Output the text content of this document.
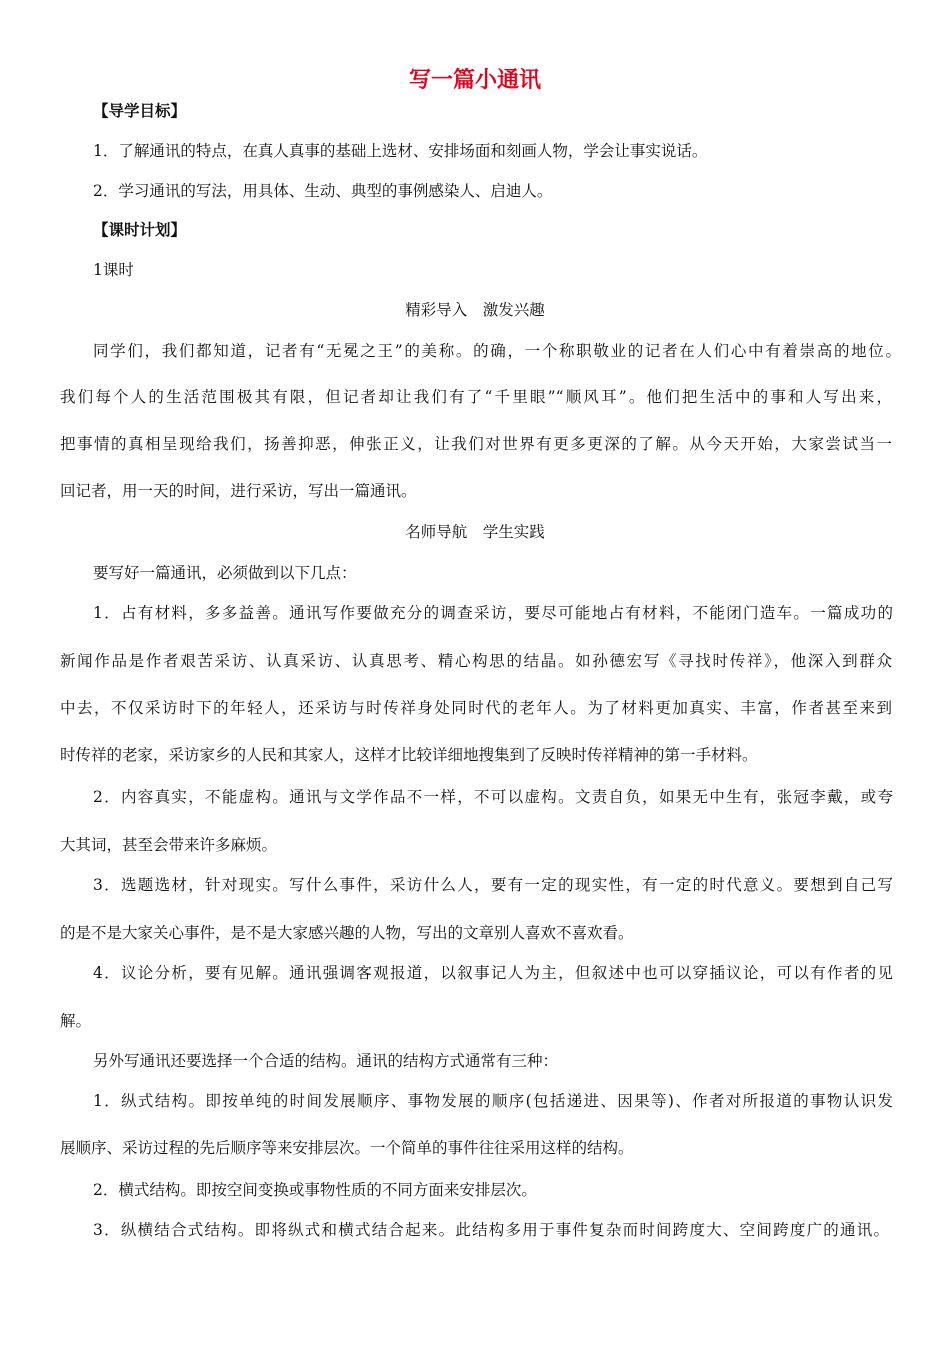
写一篇小通讯
【导学目标】
1．了解通讯的特点，在真人真事的基础上选材、安排场面和刻画人物，学会让事实说话。
2．学习通讯的写法，用具体、生动、典型的事例感染人、启迪人。
【课时计划】
1课时
精彩导入　激发兴趣
同学们，我们都知道，记者有“无冕之王”的美称。的确，一个称职敬业的记者在人们心中有着崇高的地位。
我们每个人的生活范围极其有限，但记者却让我们有了“千里眼”“顺风耳”。他们把生活中的事和人写出来，
把事情的真相呈现给我们，扬善抑恶，伸张正义，让我们对世界有更多更深的了解。从今天开始，大家尝试当一
回记者，用一天的时间，进行采访，写出一篇通讯。
名师导航　学生实践
要写好一篇通讯，必须做到以下几点：
1．占有材料，多多益善。通讯写作要做充分的调查采访，要尽可能地占有材料，不能闭门造车。一篇成功的
新闻作品是作者艰苦采访、认真采访、认真思考、精心构思的结晶。如孙德宏写《寻找时传祥》，他深入到群众
中去，不仅采访时下的年轻人，还采访与时传祥身处同时代的老年人。为了材料更加真实、丰富，作者甚至来到
时传祥的老家，采访家乡的人民和其家人，这样才比较详细地搜集到了反映时传祥精神的第一手材料。
2．内容真实，不能虚构。通讯与文学作品不一样，不可以虚构。文责自负，如果无中生有，张冠李戴，或夸
大其词，甚至会带来许多麻烦。
3．选题选材，针对现实。写什么事件，采访什么人，要有一定的现实性，有一定的时代意义。要想到自己写
的是不是大家关心事件，是不是大家感兴趣的人物，写出的文章别人喜欢不喜欢看。
4．议论分析，要有见解。通讯强调客观报道，以叙事记人为主，但叙述中也可以穿插议论，可以有作者的见
解。
另外写通讯还要选择一个合适的结构。通讯的结构方式通常有三种：
1．纵式结构。即按单纯的时间发展顺序、事物发展的顺序(包括递进、因果等)、作者对所报道的事物认识发
展顺序、采访过程的先后顺序等来安排层次。一个简单的事件往往采用这样的结构。
2．横式结构。即按空间变换或事物性质的不同方面来安排层次。
3．纵横结合式结构。即将纵式和横式结合起来。此结构多用于事件复杂而时间跨度大、空间跨度广的通讯。
